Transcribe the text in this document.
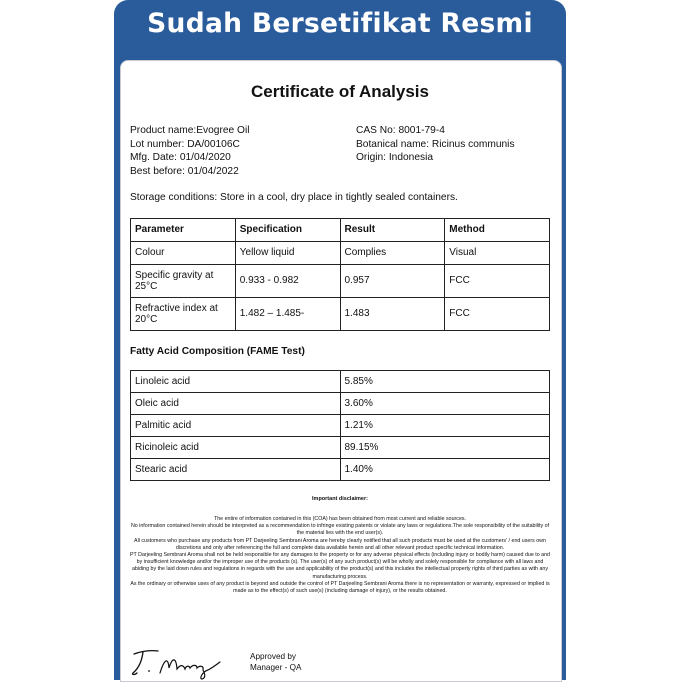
Sudah Bersetifikat Resmi
Certificate of Analysis
Product name:Evogree Oil
Lot number: DA/00106C
Mfg. Date: 01/04/2020
Best before: 01/04/2022
CAS No: 8001-79-4
Botanical name: Ricinus communis
Origin: Indonesia
Storage conditions: Store in a cool, dry place in tightly sealed containers.
Parameter	Specification	Result	Method
Colour	Yellow liquid	Complies	Visual
Specific gravity at 25°C	0.933 - 0.982	0.957	FCC
Refractive index at 20°C	1.482 – 1.485-	1.483	FCC
Fatty Acid Composition (FAME Test)
Linoleic acid	5.85%
Oleic acid	3.60%
Palmitic acid	1.21%
Ricinoleic acid	89.15%
Stearic acid	1.40%
Important disclaimer:

The entire of information contained in this (COA) has been obtained from most current and reliable sources.

No information contained herein should be interpreted as a recommendation to infringe existing patents or violate any laws or regulations.The sole responsibility of the suitability of the material lies with the end user(s).

All customers who purchase any products from PT Darjeeling Sembrani Aroma are hereby clearly notified that all such products must be used at the customers' / end users own discretions and only after referencing the full and complete data available herein and all other relevant product specific technical information.

PT Darjeeling Sembrani Aroma shall not be held responsible for any damages to the property or for any adverse physical effects (including injury or bodily harm) caused due to and by insufficient knowledge and/or the improper use of the products (s). The user(s) of any such product(s) will be wholly and solely responsible for compliance with all laws and abiding by the laid down rules and regulations in regards with the use and applicability of the product(s) and this includes the intellectual property rights of third parties as with any manufacturing process.

As the ordinary or otherwise uses of any product is beyond and outside the control of PT Darjeeling Sembrani Aroma there is no representation or warranty, expressed or implied is made as to the effect(s) of such use(s) (including damage of injury), or the results obtained.

Approved by
Manager - QA
